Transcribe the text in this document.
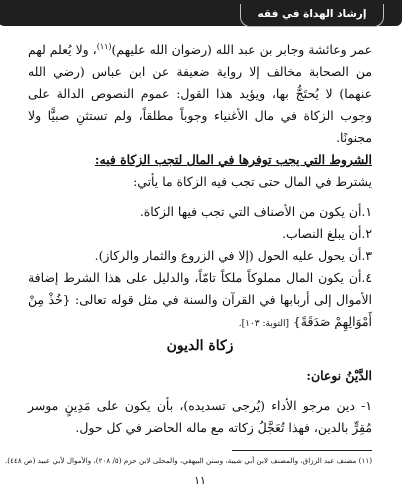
إرشاد الهداة في فقه الزكاة

عمر وعائشة وجابر بن عبد الله (رضوان الله عليهم)$^{(١١)}$، ولا يُعلم لهم من الصحابة مخالف إلا رواية ضعيفة عن ابن عباس (رضي الله عنهما) لا يُحتَجُّ بها، ويؤيد هذا القول: عموم النصوص الدالة على وجوب الزكاة في مال الأغنياء وجوباً مطلقاً، ولم تستثنِ صبيًّا ولا مجنونًا.

الشروط التي يجب توفرها في المال لتجب الزكاة فيه:

يشترط في المال حتى تجب فيه الزكاة ما يأتي:

١.أن يكون من الأصناف التي تجب فيها الزكاة.

٢.أن يبلغ النصاب.

٣.أن يحول عليه الحول (إلا في الزروع والثمار والركاز).

٤.أن يكون المال مملوكاً ملكاً تامّاً، والدليل على هذا الشرط إضافة الأموال إلى أربابها في القرآن والسنة في مثل قوله تعالى: {خُذْ مِنْ أَمْوَالِهِمْ صَدَقَةً} [التوبة: ١٠٣].

زكاة الديون

الدَّيْنُ نوعان:

١- دين مرجو الأداء (يُرجى تسديده)، بأن يكون على مَدِينٍ موسر مُقِرٍّ بالدين، فهذا تُعَجَّلُ زكاته مع ماله الحاضر في كل حول.

(١١) مصنف عبد الرزاق، والمصنف لابن أبي شيبة، وسنن البيهقي، والمحلى لابن حزم (٥/ ٢٠٨)، والأموال لأبي عبيد (ص ٤٤٨).
١١
